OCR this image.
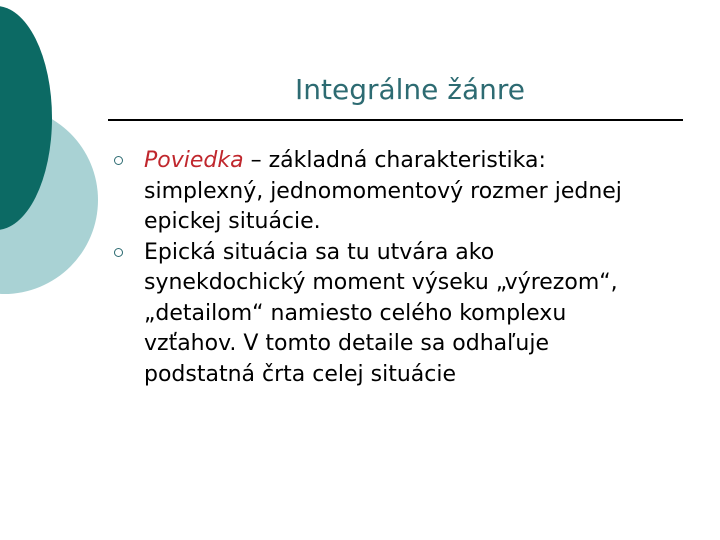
Integrálne žánre
Poviedka – základná charakteristika: simplexný, jednomomentový rozmer jednej epickej situácie.
Epická situácia sa tu utvára ako synekdochický moment výseku „výrezom“, „detailom“ namiesto celého komplexu vzťahov. V tomto detaile sa odhaľuje podstatná črta celej situácie
